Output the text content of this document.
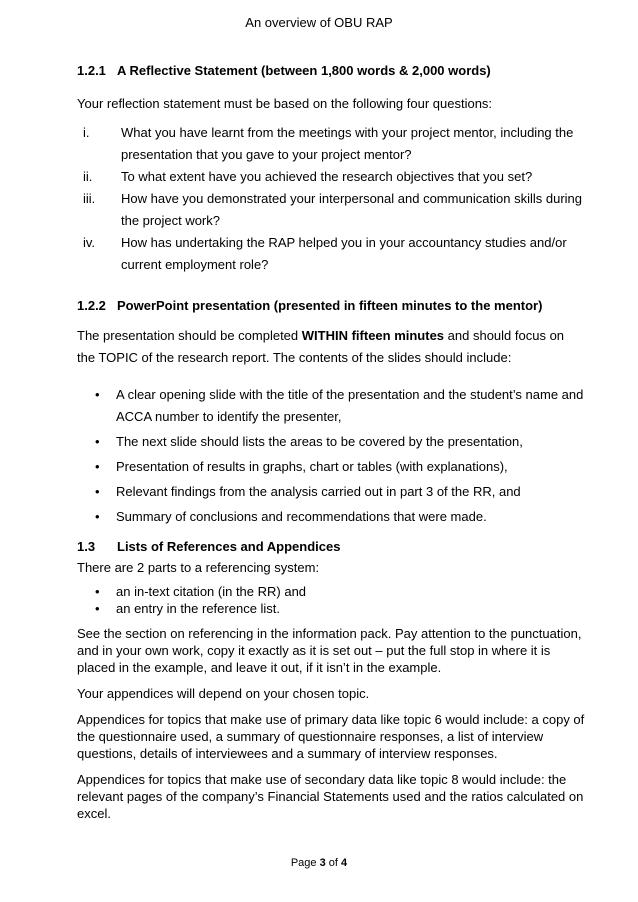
An overview of OBU RAP
1.2.1 A Reflective Statement (between 1,800 words & 2,000 words)

Your reflection statement must be based on the following four questions:

i. What you have learnt from the meetings with your project mentor, including the presentation that you gave to your project mentor?
ii. To what extent have you achieved the research objectives that you set?
iii. How have you demonstrated your interpersonal and communication skills during the project work?
iv. How has undertaking the RAP helped you in your accountancy studies and/or current employment role?
1.2.2 PowerPoint presentation (presented in fifteen minutes to the mentor)

The presentation should be completed WITHIN fifteen minutes and should focus on the TOPIC of the research report. The contents of the slides should include:

• A clear opening slide with the title of the presentation and the student’s name and ACCA number to identify the presenter,
• The next slide should lists the areas to be covered by the presentation,
• Presentation of results in graphs, chart or tables (with explanations),
• Relevant findings from the analysis carried out in part 3 of the RR, and
• Summary of conclusions and recommendations that were made.
1.3 Lists of References and Appendices

There are 2 parts to a referencing system:

• an in-text citation (in the RR) and
• an entry in the reference list.

See the section on referencing in the information pack. Pay attention to the punctuation, and in your own work, copy it exactly as it is set out – put the full stop in where it is placed in the example, and leave it out, if it isn’t in the example.

Your appendices will depend on your chosen topic.

Appendices for topics that make use of primary data like topic 6 would include: a copy of the questionnaire used, a summary of questionnaire responses, a list of interview questions, details of interviewees and a summary of interview responses.

Appendices for topics that make use of secondary data like topic 8 would include: the relevant pages of the company’s Financial Statements used and the ratios calculated on excel.

Page 3 of 4
